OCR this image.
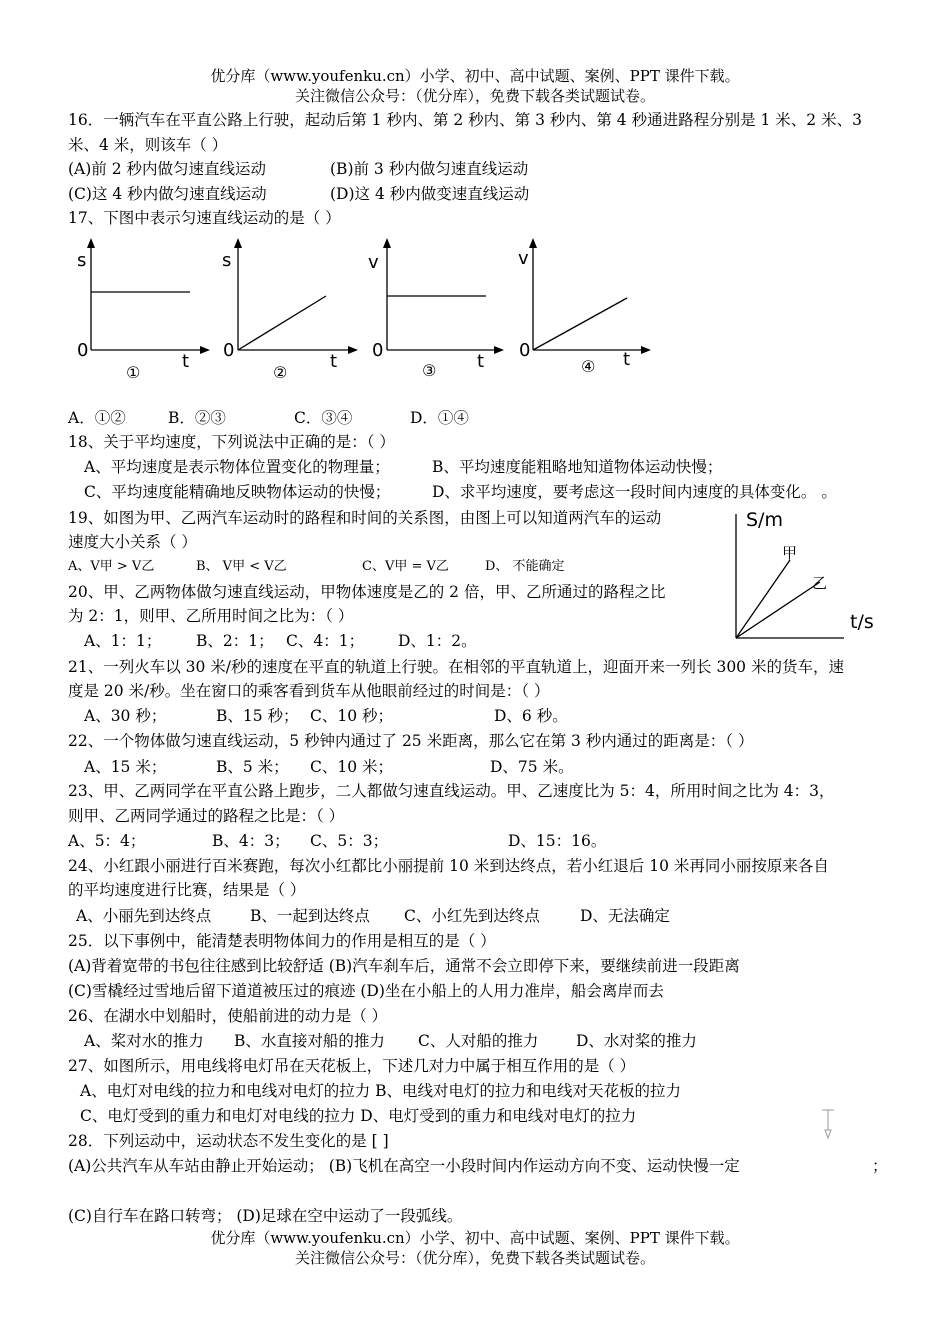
优分库（www.youfenku.cn）小学、初中、高中试题、案例、PPT 课件下载。
关注微信公众号：（优分库），免费下载各类试题试卷。
16．一辆汽车在平直公路上行驶，起动后第 1 秒内、第 2 秒内、第 3 秒内、第 4 秒通进路程分别是 1 米、2 米、3
米、4 米，则该车（ ）
(A)前 2 秒内做匀速直线运动	(B)前 3 秒内做匀速直线运动
(C)这 4 秒内做匀速直线运动	(D)这 4 秒内做变速直线运动
17、下图中表示匀速直线运动的是（ ）
s
0
t
①
s
0
t
②
v
0
t
③
v
0	t
④
A．①②	B．②③	C．③④	D．①④
18、关于平均速度，下列说法中正确的是：（ ）
A、平均速度是表示物体位置变化的物理量；	B、平均速度能粗略地知道物体运动快慢；
C、平均速度能精确地反映物体运动的快慢；	D、求平均速度，要考虑这一段时间内速度的具体变化。 。
19、如图为甲、乙两汽车运动时的路程和时间的关系图，由图上可以知道两汽车的运动
速度大小关系（ ）
A、V甲 > V乙	B、 V甲 < V乙	C、V甲 = V乙	D、 不能确定
S/m
t/s
甲
乙
20、甲、乙两物体做匀速直线运动，甲物体速度是乙的 2 倍，甲、乙所通过的路程之比
为 2：1，则甲、乙所用时间之比为：（ ）
A、1：1； B、2：1； C、4：1； D、1：2。
21、一列火车以 30 米/秒的速度在平直的轨道上行驶。在相邻的平直轨道上，迎面开来一列长 300 米的货车，速
度是 20 米/秒。坐在窗口的乘客看到货车从他眼前经过的时间是：（ ）
A、30 秒；	B、15 秒； C、10 秒；	D、6 秒。
22、一个物体做匀速直线运动，5 秒钟内通过了 25 米距离，那么它在第 3 秒内通过的距离是：（ ）
A、15 米；	B、5 米； C、10 米；	D、75 米。
23、甲、乙两同学在平直公路上跑步，二人都做匀速直线运动。甲、乙速度比为 5：4，所用时间之比为 4：3，
则甲、乙两同学通过的路程之比是：（ ）
A、5：4；	B、4：3； C、5：3；	D、15：16。
24、小红跟小丽进行百米赛跑，每次小红都比小丽提前 10 米到达终点，若小红退后 10 米再同小丽按原来各自
的平均速度进行比赛，结果是（ ）
A、小丽先到达终点	B、一起到达终点 C、小红先到达终点	D、无法确定
25．以下事例中，能清楚表明物体间力的作用是相互的是（ ）
(A)背着宽带的书包往往感到比较舒适 (B)汽车刹车后，通常不会立即停下来，要继续前进一段距离
(C)雪橇经过雪地后留下道道被压过的痕迹 (D)坐在小船上的人用力准岸，船会离岸而去
26、在湖水中划船时，使船前进的动力是（ ）
A、桨对水的推力 B、水直接对船的推力 C、人对船的推力 D、水对桨的推力
27、如图所示，用电线将电灯吊在天花板上，下述几对力中属于相互作用的是（ ）
A、电灯对电线的拉力和电线对电灯的拉力 B、电线对电灯的拉力和电线对天花板的拉力
C、电灯受到的重力和电灯对电线的拉力 D、电灯受到的重力和电线对电灯的拉力
28．下列运动中，运动状态不发生变化的是 [ ]
(A)公共汽车从车站由静止开始运动； (B)飞机在高空一小段时间内作运动方向不变、运动快慢一定	；
(C)自行车在路口转弯； (D)足球在空中运动了一段弧线。
优分库（www.youfenku.cn）小学、初中、高中试题、案例、PPT 课件下载。
关注微信公众号：（优分库），免费下载各类试题试卷。
